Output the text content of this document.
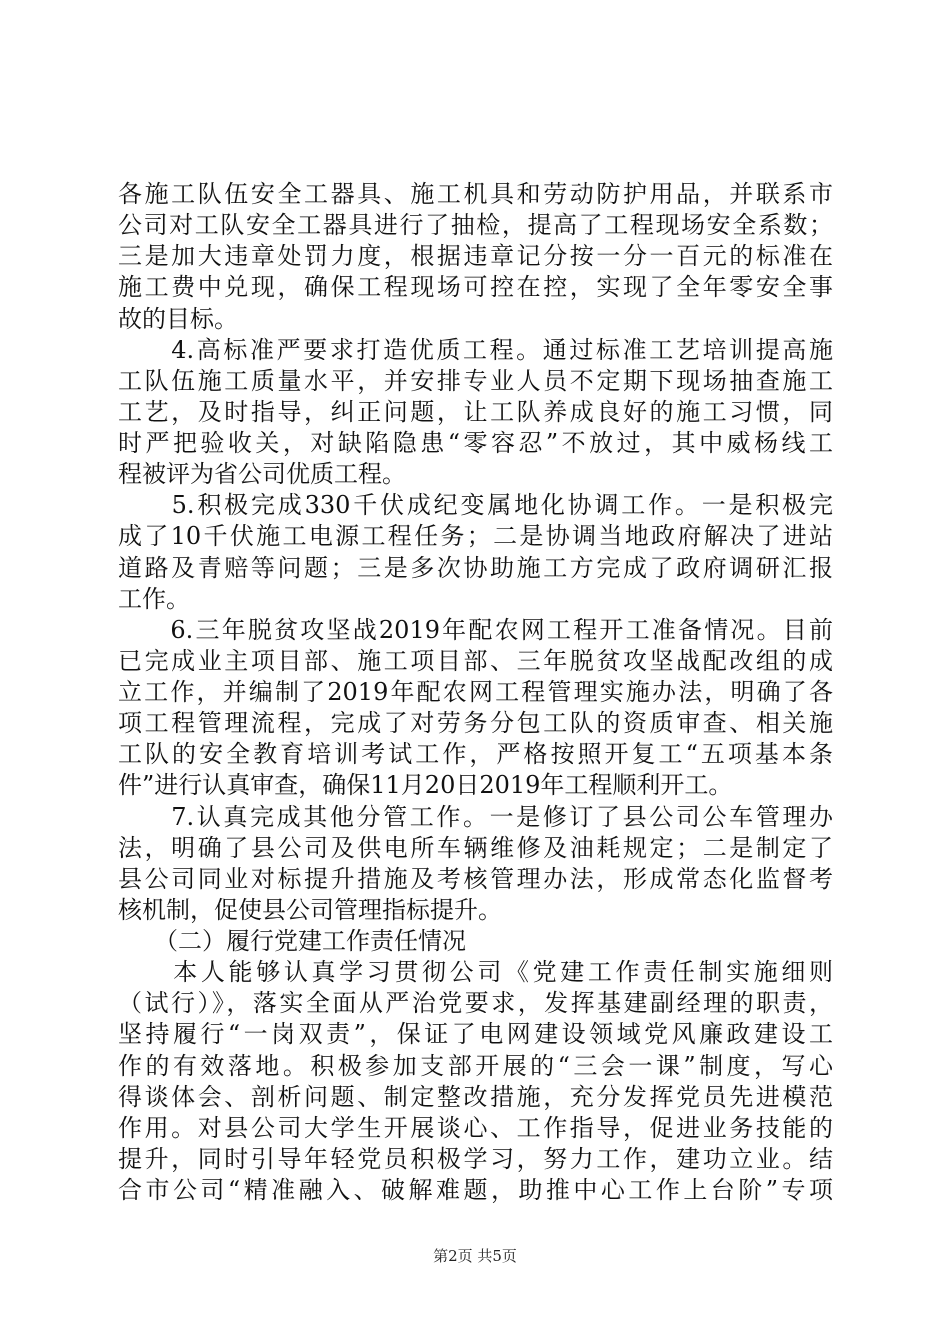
各施工队伍安全工器具、施工机具和劳动防护用品，并联系市
公司对工队安全工器具进行了抽检，提高了工程现场安全系数；
三是加大违章处罚力度，根据违章记分按一分一百元的标准在
施工费中兑现，确保工程现场可控在控，实现了全年零安全事
故的目标。
　　4.高标准严要求打造优质工程。通过标准工艺培训提高施
工队伍施工质量水平，并安排专业人员不定期下现场抽查施工
工艺，及时指导，纠正问题，让工队养成良好的施工习惯，同
时严把验收关，对缺陷隐患“零容忍”不放过，其中威杨线工
程被评为省公司优质工程。
　　5.积极完成330千伏成纪变属地化协调工作。一是积极完
成了10千伏施工电源工程任务；二是协调当地政府解决了进站
道路及青赔等问题；三是多次协助施工方完成了政府调研汇报
工作。
　　6.三年脱贫攻坚战2019年配农网工程开工准备情况。目前
已完成业主项目部、施工项目部、三年脱贫攻坚战配改组的成
立工作，并编制了2019年配农网工程管理实施办法，明确了各
项工程管理流程，完成了对劳务分包工队的资质审查、相关施
工队的安全教育培训考试工作，严格按照开复工“五项基本条
件”进行认真审查，确保11月20日2019年工程顺利开工。
　　7.认真完成其他分管工作。一是修订了县公司公车管理办
法，明确了县公司及供电所车辆维修及油耗规定；二是制定了
县公司同业对标提升措施及考核管理办法，形成常态化监督考
核机制，促使县公司管理指标提升。
　　（二）履行党建工作责任情况
　　本人能够认真学习贯彻公司《党建工作责任制实施细则
（试行）》，落实全面从严治党要求，发挥基建副经理的职责，
坚持履行“一岗双责”，保证了电网建设领域党风廉政建设工
作的有效落地。积极参加支部开展的“三会一课”制度，写心
得谈体会、剖析问题、制定整改措施，充分发挥党员先进模范
作用。对县公司大学生开展谈心、工作指导，促进业务技能的
提升，同时引导年轻党员积极学习，努力工作，建功立业。结
合市公司“精准融入、破解难题，助推中心工作上台阶”专项
第2页 共5页
